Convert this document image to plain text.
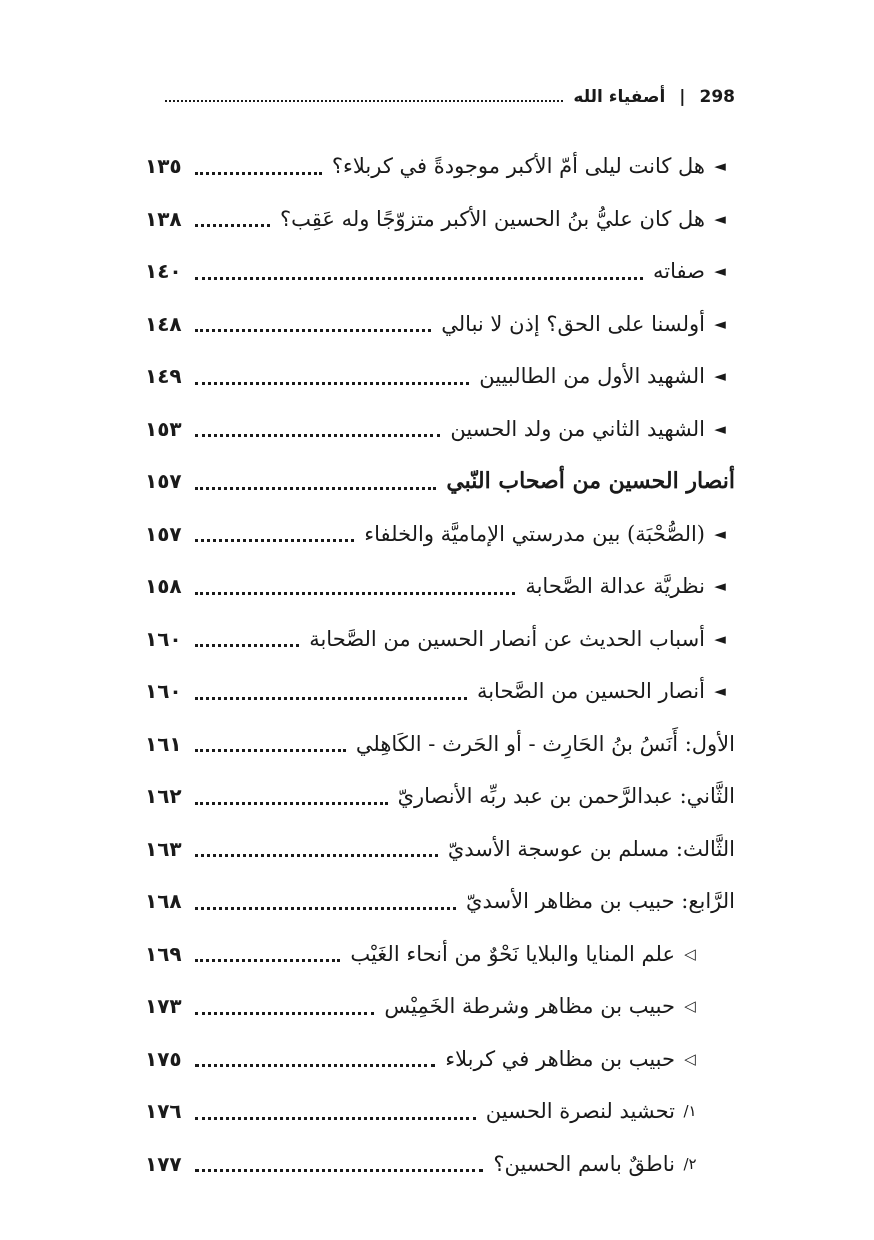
298
|
أصفياء الله
◄
هل كانت ليلى أمّ الأكبر موجودةً في كربلاء؟
١٣٥
◄
هل كان عليُّ بنُ الحسين الأكبر متزوّجًا وله عَقِب؟
١٣٨
◄
صفاته
١٤٠
◄
أولسنا على الحق؟ إذن لا نبالي
١٤٨
◄
الشهيد الأول من الطالبيين
١٤٩
◄
الشهيد الثاني من ولد الحسين
١٥٣
أنصار الحسين من أصحاب النّبي
١٥٧
◄
(الصُّحْبَة) بين مدرستي الإماميَّة والخلفاء
١٥٧
◄
نظريَّة عدالة الصَّحابة
١٥٨
◄
أسباب الحديث عن أنصار الحسين من الصَّحابة
١٦٠
◄
أنصار الحسين من الصَّحابة
١٦٠
الأول: أَنَسُ بنُ الحَارِث - أو الحَرث - الكَاهِلي
١٦١
الثَّاني: عبدالرَّحمن بن عبد ربِّه الأنصاريّ
١٦٢
الثَّالث: مسلم بن عوسجة الأسديّ
١٦٣
الرَّابع: حبيب بن مظاهر الأسديّ
١٦٨
◁
علم المنايا والبلايا نَحْوٌ من أنحاء الغَيْب
١٦٩
◁
حبيب بن مظاهر وشرطة الخَمِيْس
١٧٣
◁
حبيب بن مظاهر في كربلاء
١٧٥
١/
تحشيد لنصرة الحسين
١٧٦
٢/
ناطقٌ باسم الحسين؟
١٧٧
